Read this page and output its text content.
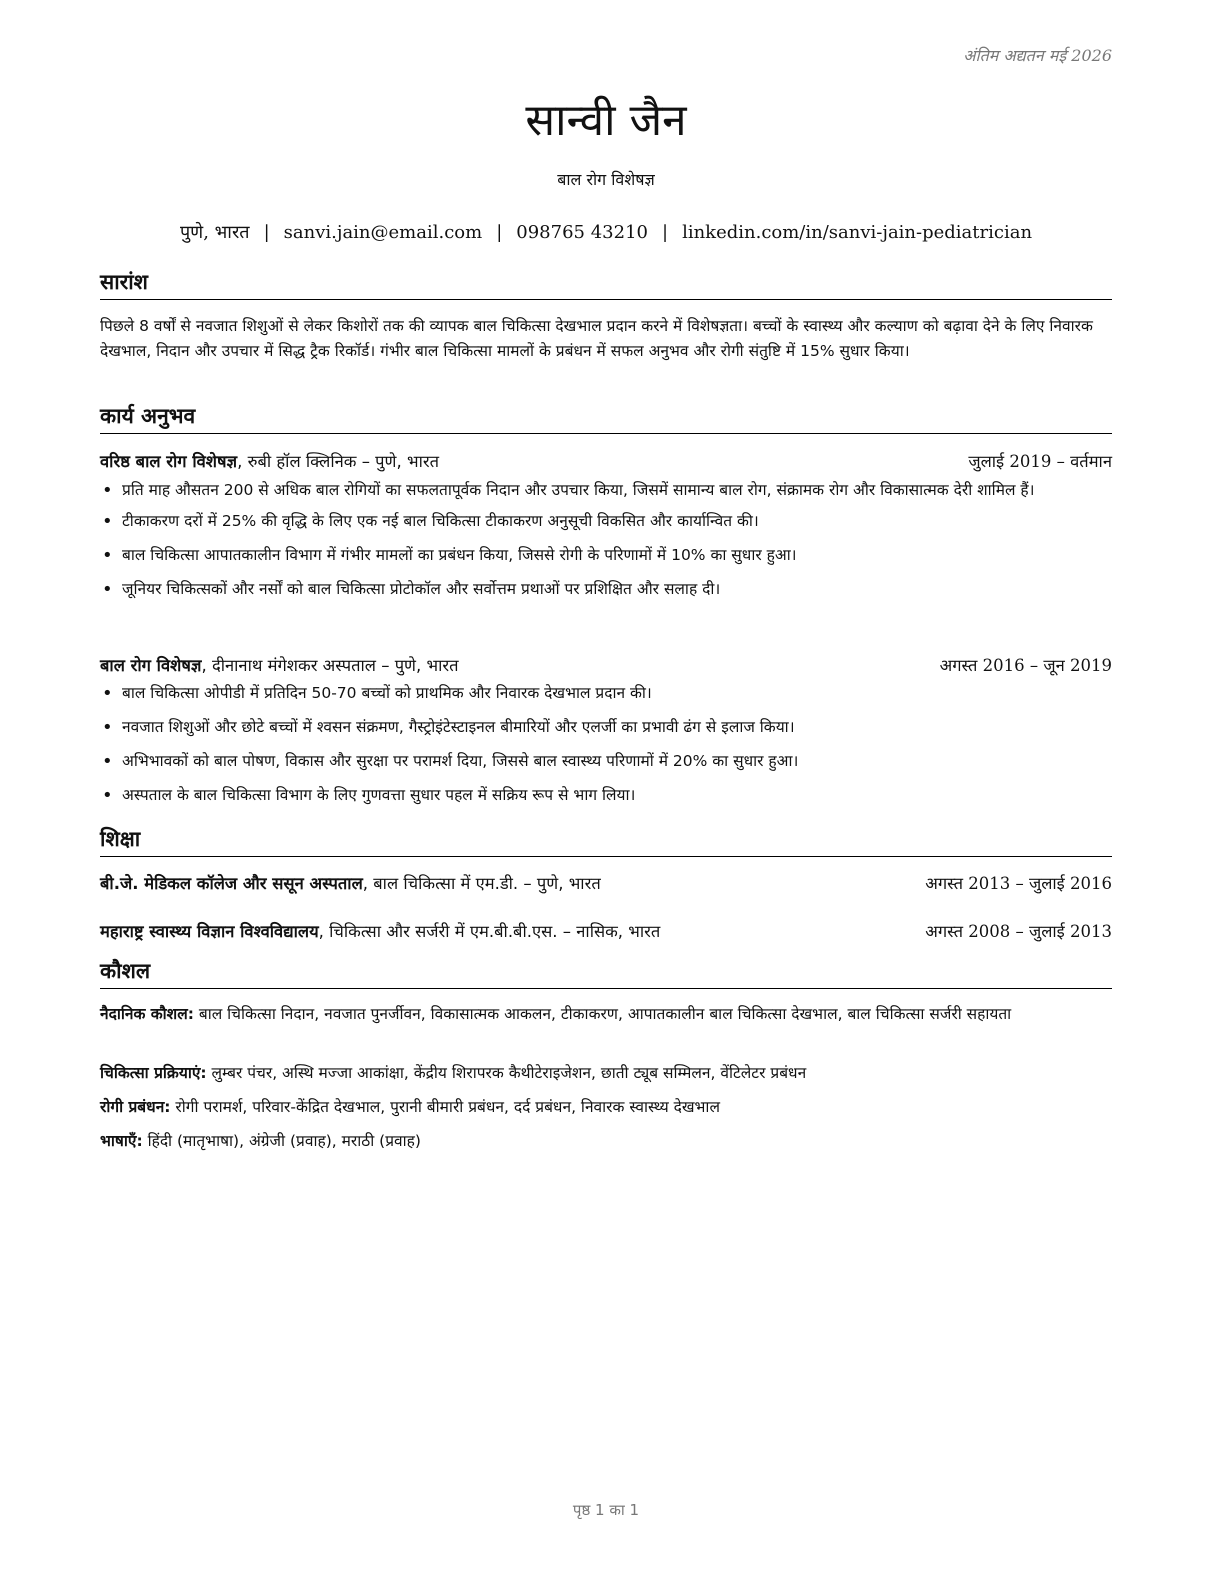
अंतिम अद्यतन मई 2026
सान्वी जैन
बाल रोग विशेषज्ञ
पुणे, भारत | sanvi.jain@email.com | 098765 43210 | linkedin.com/in/sanvi-jain-pediatrician
सारांश
पिछले 8 वर्षों से नवजात शिशुओं से लेकर किशोरों तक की व्यापक बाल चिकित्सा देखभाल प्रदान करने में विशेषज्ञता। बच्चों के स्वास्थ्य और कल्याण को बढ़ावा देने के लिए निवारक देखभाल, निदान और उपचार में सिद्ध ट्रैक रिकॉर्ड। गंभीर बाल चिकित्सा मामलों के प्रबंधन में सफल अनुभव और रोगी संतुष्टि में 15% सुधार किया।
कार्य अनुभव
वरिष्ठ बाल रोग विशेषज्ञ, रुबी हॉल क्लिनिक – पुणे, भारत	जुलाई 2019 – वर्तमान
• प्रति माह औसतन 200 से अधिक बाल रोगियों का सफलतापूर्वक निदान और उपचार किया, जिसमें सामान्य बाल रोग, संक्रामक रोग और विकासात्मक देरी शामिल हैं।
• टीकाकरण दरों में 25% की वृद्धि के लिए एक नई बाल चिकित्सा टीकाकरण अनुसूची विकसित और कार्यान्वित की।
• बाल चिकित्सा आपातकालीन विभाग में गंभीर मामलों का प्रबंधन किया, जिससे रोगी के परिणामों में 10% का सुधार हुआ।
• जूनियर चिकित्सकों और नर्सों को बाल चिकित्सा प्रोटोकॉल और सर्वोत्तम प्रथाओं पर प्रशिक्षित और सलाह दी।
बाल रोग विशेषज्ञ, दीनानाथ मंगेशकर अस्पताल – पुणे, भारत	अगस्त 2016 – जून 2019
• बाल चिकित्सा ओपीडी में प्रतिदिन 50-70 बच्चों को प्राथमिक और निवारक देखभाल प्रदान की।
• नवजात शिशुओं और छोटे बच्चों में श्वसन संक्रमण, गैस्ट्रोइंटेस्टाइनल बीमारियों और एलर्जी का प्रभावी ढंग से इलाज किया।
• अभिभावकों को बाल पोषण, विकास और सुरक्षा पर परामर्श दिया, जिससे बाल स्वास्थ्य परिणामों में 20% का सुधार हुआ।
• अस्पताल के बाल चिकित्सा विभाग के लिए गुणवत्ता सुधार पहल में सक्रिय रूप से भाग लिया।
शिक्षा
बी.जे. मेडिकल कॉलेज और ससून अस्पताल, बाल चिकित्सा में एम.डी. – पुणे, भारत	अगस्त 2013 – जुलाई 2016
महाराष्ट्र स्वास्थ्य विज्ञान विश्वविद्यालय, चिकित्सा और सर्जरी में एम.बी.बी.एस. – नासिक, भारत	अगस्त 2008 – जुलाई 2013
कौशल
नैदानिक कौशल: बाल चिकित्सा निदान, नवजात पुनर्जीवन, विकासात्मक आकलन, टीकाकरण, आपातकालीन बाल चिकित्सा देखभाल, बाल चिकित्सा सर्जरी सहायता
चिकित्सा प्रक्रियाएं: लुम्बर पंचर, अस्थि मज्जा आकांक्षा, केंद्रीय शिरापरक कैथीटेराइजेशन, छाती ट्यूब सम्मिलन, वेंटिलेटर प्रबंधन
रोगी प्रबंधन: रोगी परामर्श, परिवार-केंद्रित देखभाल, पुरानी बीमारी प्रबंधन, दर्द प्रबंधन, निवारक स्वास्थ्य देखभाल
भाषाएँ: हिंदी (मातृभाषा), अंग्रेजी (प्रवाह), मराठी (प्रवाह)
पृष्ठ 1 का 1
